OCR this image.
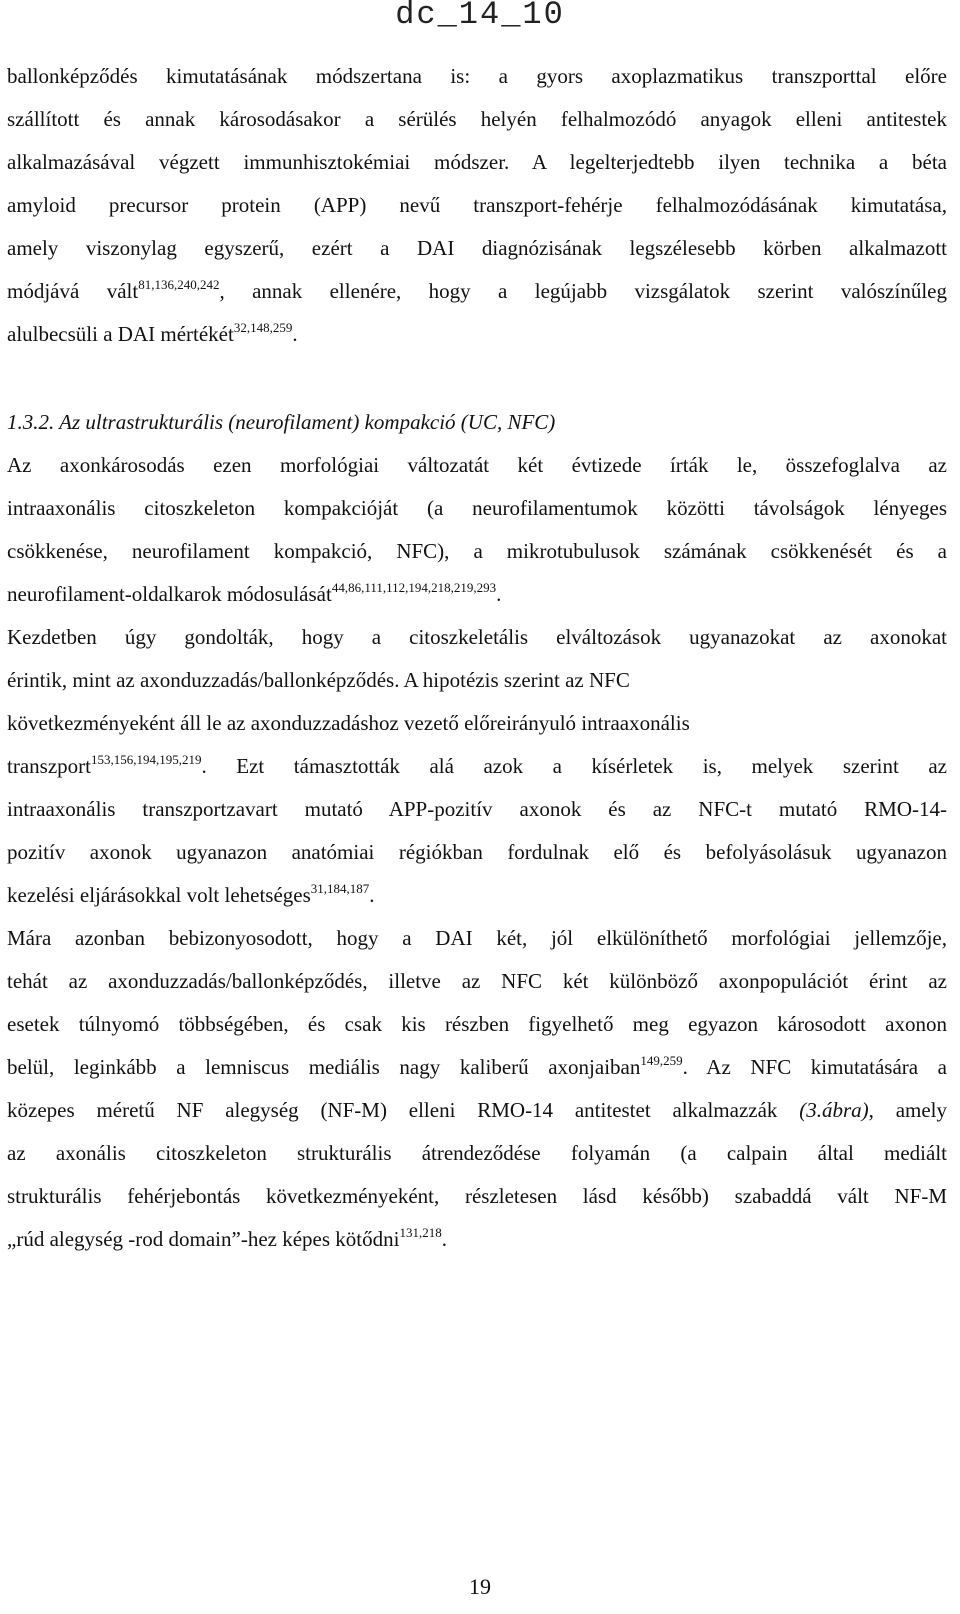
dc_14_10
ballonképződés kimutatásának módszertana is: a gyors axoplazmatikus transzporttal előre
szállított és annak károsodásakor a sérülés helyén felhalmozódó anyagok elleni antitestek
alkalmazásával végzett immunhisztokémiai módszer. A legelterjedtebb ilyen technika a béta
amyloid precursor protein (APP) nevű transzport-fehérje felhalmozódásának kimutatása,
amely viszonylag egyszerű, ezért a DAI diagnózisának legszélesebb körben alkalmazott
módjává vált$^{81,136,240,242}$, annak ellenére, hogy a legújabb vizsgálatok szerint valószínűleg
alulbecsüli a DAI mértékét$^{32,148,259}$.
1.3.2. Az ultrastrukturális (neurofilament) kompakció (UC, NFC)
Az axonkárosodás ezen morfológiai változatát két évtizede írták le, összefoglalva az
intraaxonális citoszkeleton kompakcióját (a neurofilamentumok közötti távolságok lényeges
csökkenése, neurofilament kompakció, NFC), a mikrotubulusok számának csökkenését és a
neurofilament-oldalkarok módosulását$^{44,86,111,112,194,218,219,293}$.
Kezdetben úgy gondolták, hogy a citoszkeletális elváltozások ugyanazokat az axonokat
érintik, mint az axonduzzadás/ballonképződés. A hipotézis szerint az NFC
következményeként áll le az axonduzzadáshoz vezető előreirányuló intraaxonális
transzport$^{153,156,194,195,219}$. Ezt támasztották alá azok a kísérletek is, melyek szerint az
intraaxonális transzportzavart mutató APP-pozitív axonok és az NFC-t mutató RMO-14-
pozitív axonok ugyanazon anatómiai régiókban fordulnak elő és befolyásolásuk ugyanazon
kezelési eljárásokkal volt lehetséges$^{31,184,187}$.
Mára azonban bebizonyosodott, hogy a DAI két, jól elkülöníthető morfológiai jellemzője,
tehát az axonduzzadás/ballonképződés, illetve az NFC két különböző axonpopulációt érint az
esetek túlnyomó többségében, és csak kis részben figyelhető meg egyazon károsodott axonon
belül, leginkább a lemniscus mediális nagy kaliberű axonjaiban$^{149,259}$. Az NFC kimutatására a
közepes méretű NF alegység (NF-M) elleni RMO-14 antitestet alkalmazzák (3.ábra), amely
az axonális citoszkeleton strukturális átrendeződése folyamán (a calpain által mediált
strukturális fehérjebontás következményeként, részletesen lásd később) szabaddá vált NF-M
„rúd alegység -rod domain”-hez képes kötődni$^{131,218}$.
19
